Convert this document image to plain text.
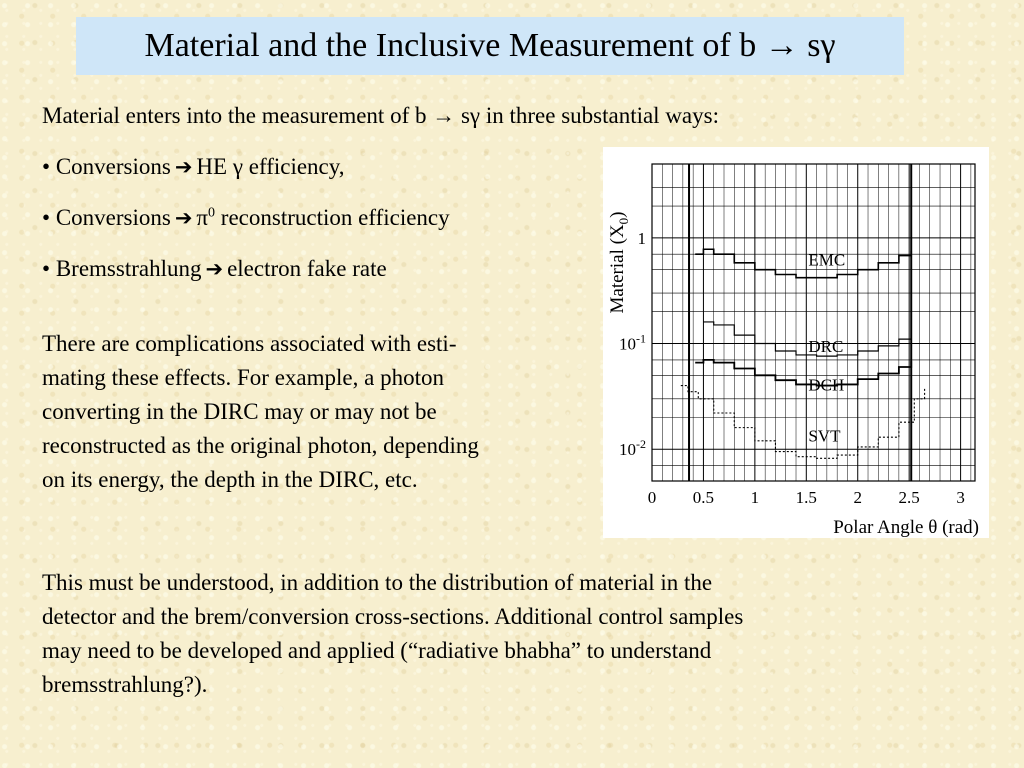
Material and the Inclusive Measurement of b → sγ

Material enters into the measurement of b → sγ in three substantial ways:

• Conversions ➔ HE γ efficiency,

• Conversions ➔ $\pi^0$ reconstruction efficiency

• Bremsstrahlung ➔ electron fake rate

There are complications associated with esti-
mating these effects. For example, a photon
converting in the DIRC may or may not be
reconstructed as the original photon, depending
on its energy, the depth in the DIRC, etc.
This must be understood, in addition to the distribution of material in the
detector and the brem/conversion cross-sections. Additional control samples
may need to be developed and applied (“radiative bhabha” to understand
bremsstrahlung?).
EMC
DRC
DCH
SVT
0 0.5 1 1.5 2 2.5 3
1
$10^{-1}$
$10^{-2}$
Material $(X_0)$
Polar Angle θ (rad)
